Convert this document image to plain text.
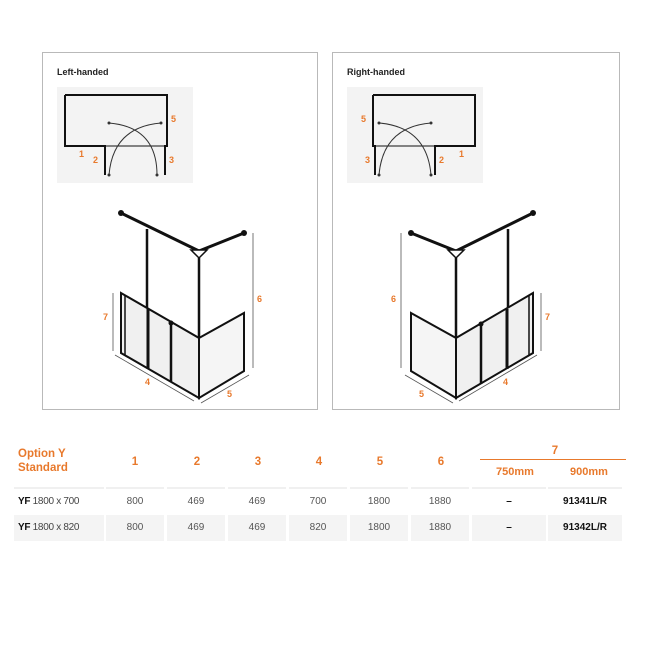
Left-handed
1
2	3
5
7
6
4
5
Right-handed
1
2
3
5
6
7
5
4
Option Y
Standard	1	2	3	4	5	6
7
750mm	900mm
YF 1800 x 700	800	469	469	700	1800	1880	–	91341L/R
YF 1800 x 820	800	469	469	820	1800	1880	–	91342L/R
